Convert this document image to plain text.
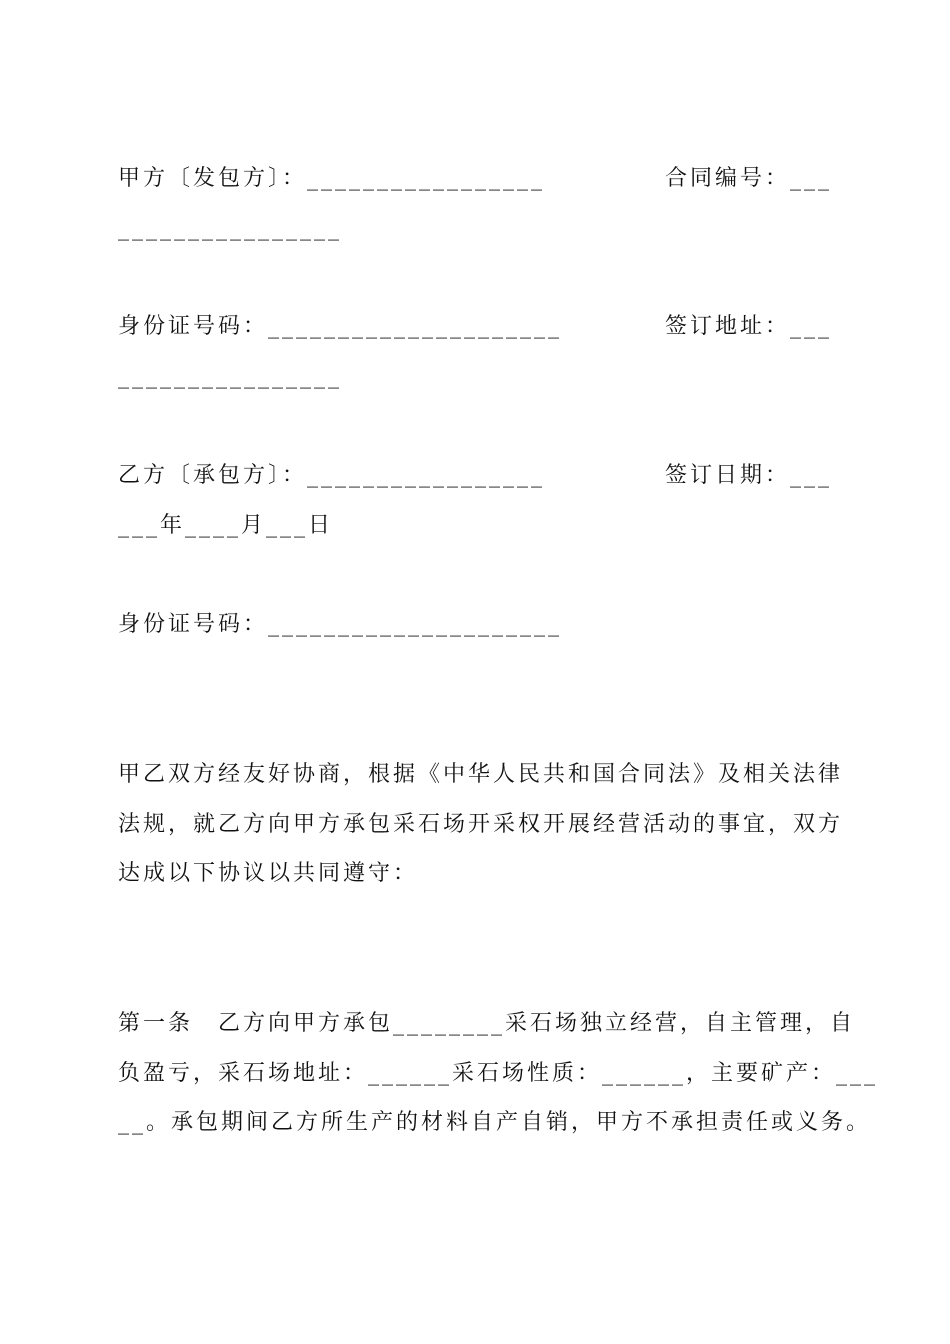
甲方〔发包方〕：_________________	合同编号：___
________________
身份证号码：_____________________	签订地址：___
________________
乙方〔承包方〕：_________________	签订日期：___
___年____月___日
身份证号码：_____________________
甲乙双方经友好协商，根据《中华人民共和国合同法》及相关法律
法规，就乙方向甲方承包采石场开采权开展经营活动的事宜，双方
达成以下协议以共同遵守：
第一条　乙方向甲方承包________采石场独立经营，自主管理，自
负盈亏，采石场地址：______采石场性质：______，主要矿产：___
__。承包期间乙方所生产的材料自产自销，甲方不承担责任或义务。
